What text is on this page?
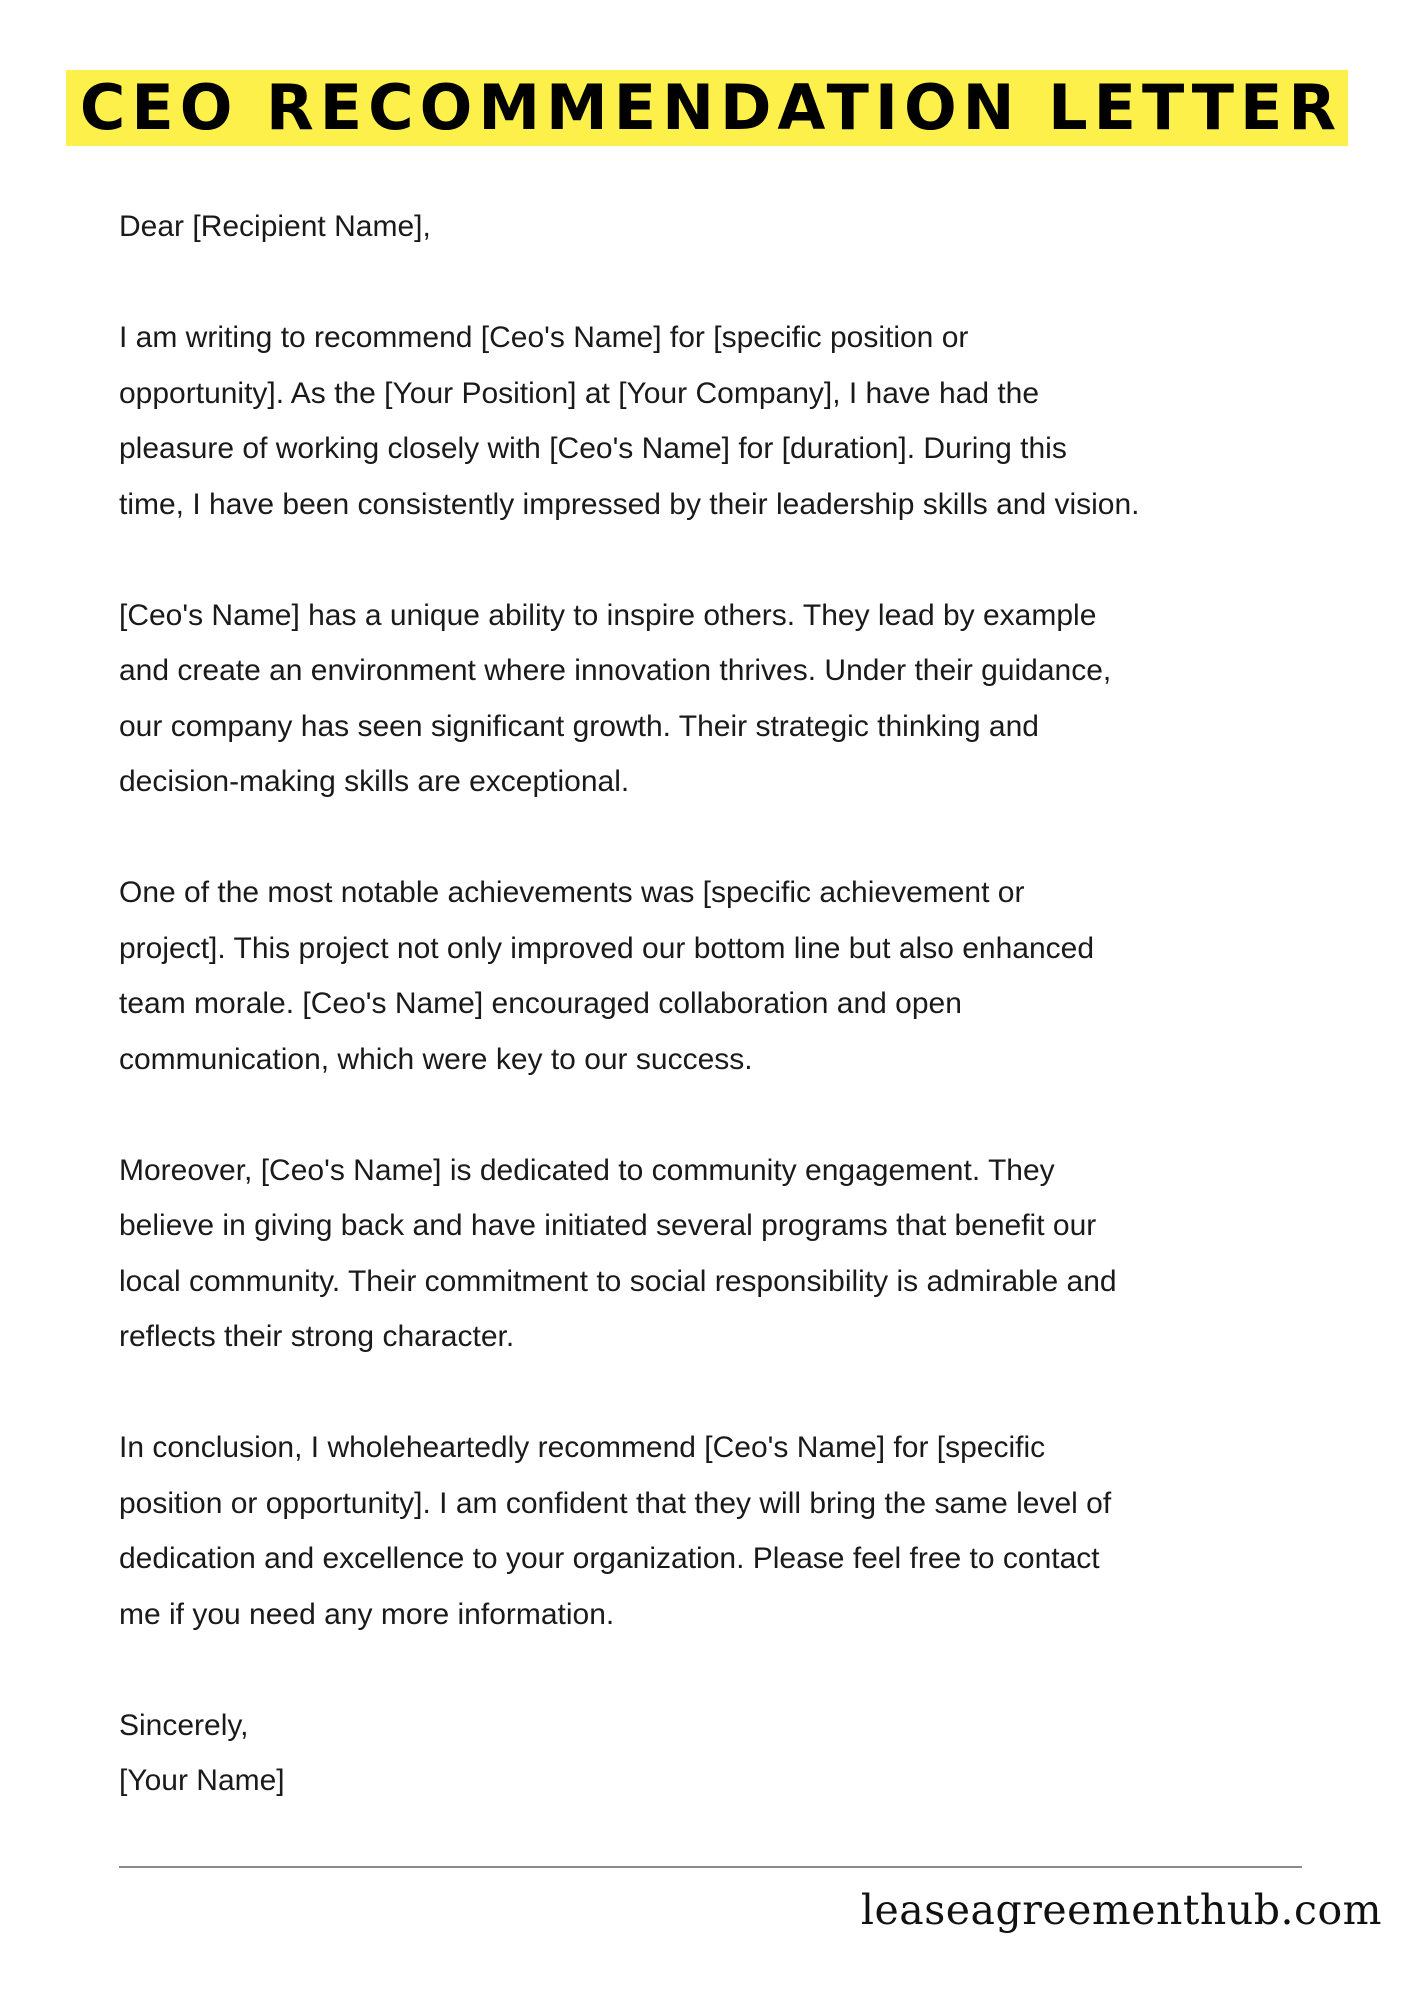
CEO RECOMMENDATION LETTER

Dear [Recipient Name],

I am writing to recommend [Ceo's Name] for [specific position or
opportunity]. As the [Your Position] at [Your Company], I have had the
pleasure of working closely with [Ceo's Name] for [duration]. During this
time, I have been consistently impressed by their leadership skills and vision.

[Ceo's Name] has a unique ability to inspire others. They lead by example
and create an environment where innovation thrives. Under their guidance,
our company has seen significant growth. Their strategic thinking and
decision-making skills are exceptional.

One of the most notable achievements was [specific achievement or
project]. This project not only improved our bottom line but also enhanced
team morale. [Ceo's Name] encouraged collaboration and open
communication, which were key to our success.

Moreover, [Ceo's Name] is dedicated to community engagement. They
believe in giving back and have initiated several programs that benefit our
local community. Their commitment to social responsibility is admirable and
reflects their strong character.

In conclusion, I wholeheartedly recommend [Ceo's Name] for [specific
position or opportunity]. I am confident that they will bring the same level of
dedication and excellence to your organization. Please feel free to contact
me if you need any more information.

Sincerely,
[Your Name]

leaseagreementhub.com
